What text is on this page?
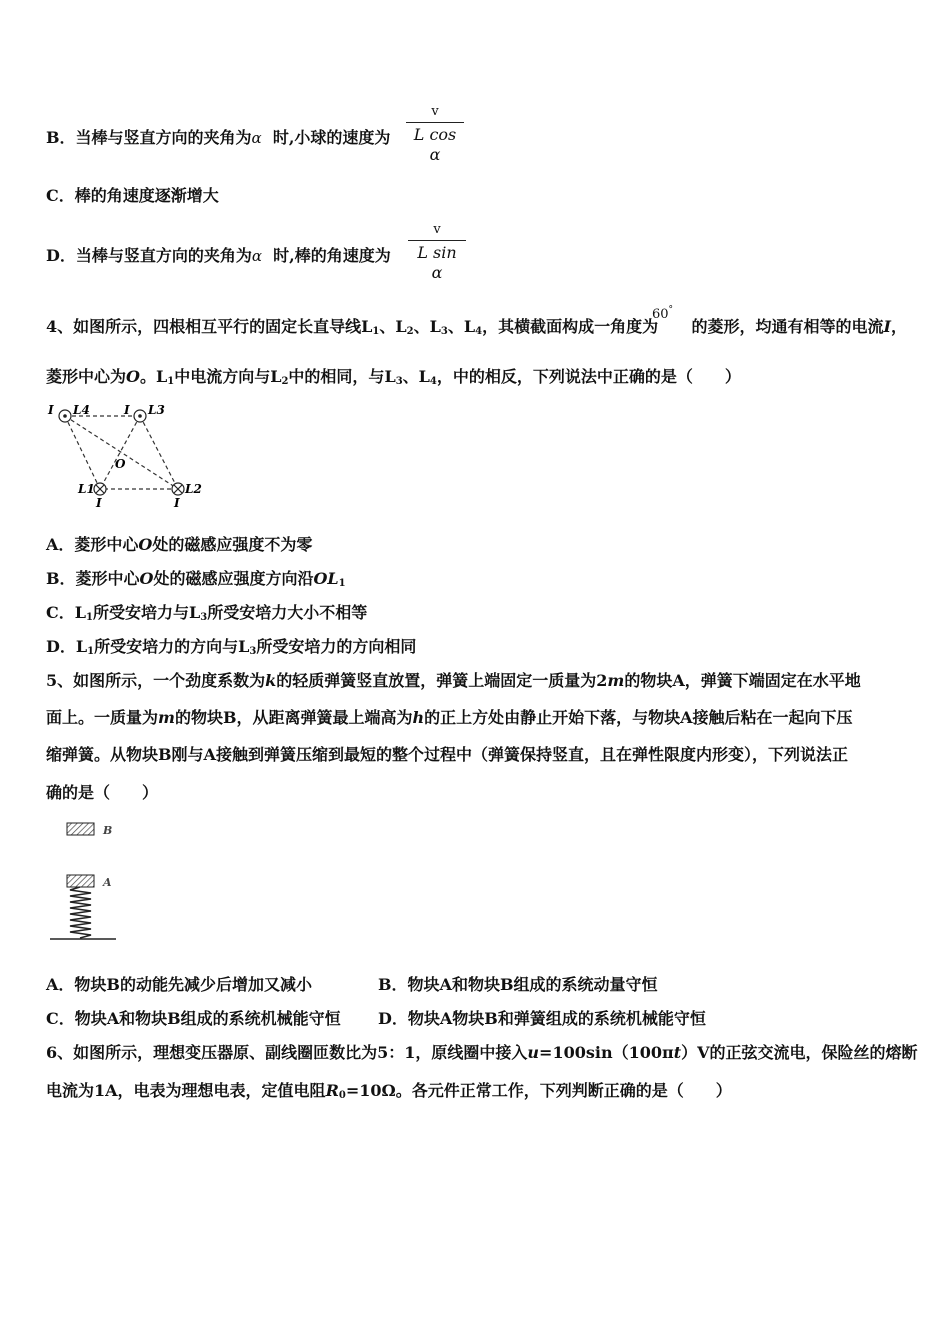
B．当棒与竖直方向的夹角为α 时,小球的速度为
v
L cos α
C．棒的角速度逐渐增大
D．当棒与竖直方向的夹角为α 时,棒的角速度为
v
L sin α
4、如图所示，四根相互平行的固定长直导线$L_1$、$L_2$、$L_3$、$L_4$，其横截面构成一角度为 的菱形，均通有相等的电流I，
60°
菱形中心为O。$L_1$中电流方向与$L_2$中的相同，与$L_3$、$L_4$，中的相反，下列说法中正确的是（　　）
I L4	I L3
O
L1
I
L2
I
A．菱形中心O处的磁感应强度不为零
B．菱形中心O处的磁感应强度方向沿$OL_1$
C．$L_1$所受安培力与$L_3$所受安培力大小不相等
D．$L_1$所受安培力的方向与$L_3$所受安培力的方向相同
5、如图所示，一个劲度系数为k的轻质弹簧竖直放置，弹簧上端固定一质量为2m的物块A，弹簧下端固定在水平地
面上。一质量为m的物块B，从距离弹簧最上端高为h的正上方处由静止开始下落，与物块A接触后粘在一起向下压
缩弹簧。从物块B刚与A接触到弹簧压缩到最短的整个过程中（弹簧保持竖直，且在弹性限度内形变），下列说法正
确的是（　　）
B
A
A．物块B的动能先减少后增加又减小	B．物块A和物块B组成的系统动量守恒
C．物块A和物块B组成的系统机械能守恒 D．物块A物块B和弹簧组成的系统机械能守恒
6、如图所示，理想变压器原、副线圈匝数比为5：1，原线圈中接入u=100sin（100πt）V的正弦交流电，保险丝的熔断
电流为1A，电表为理想电表，定值电阻$R_0=10\Omega$。各元件正常工作，下列判断正确的是（　　）
